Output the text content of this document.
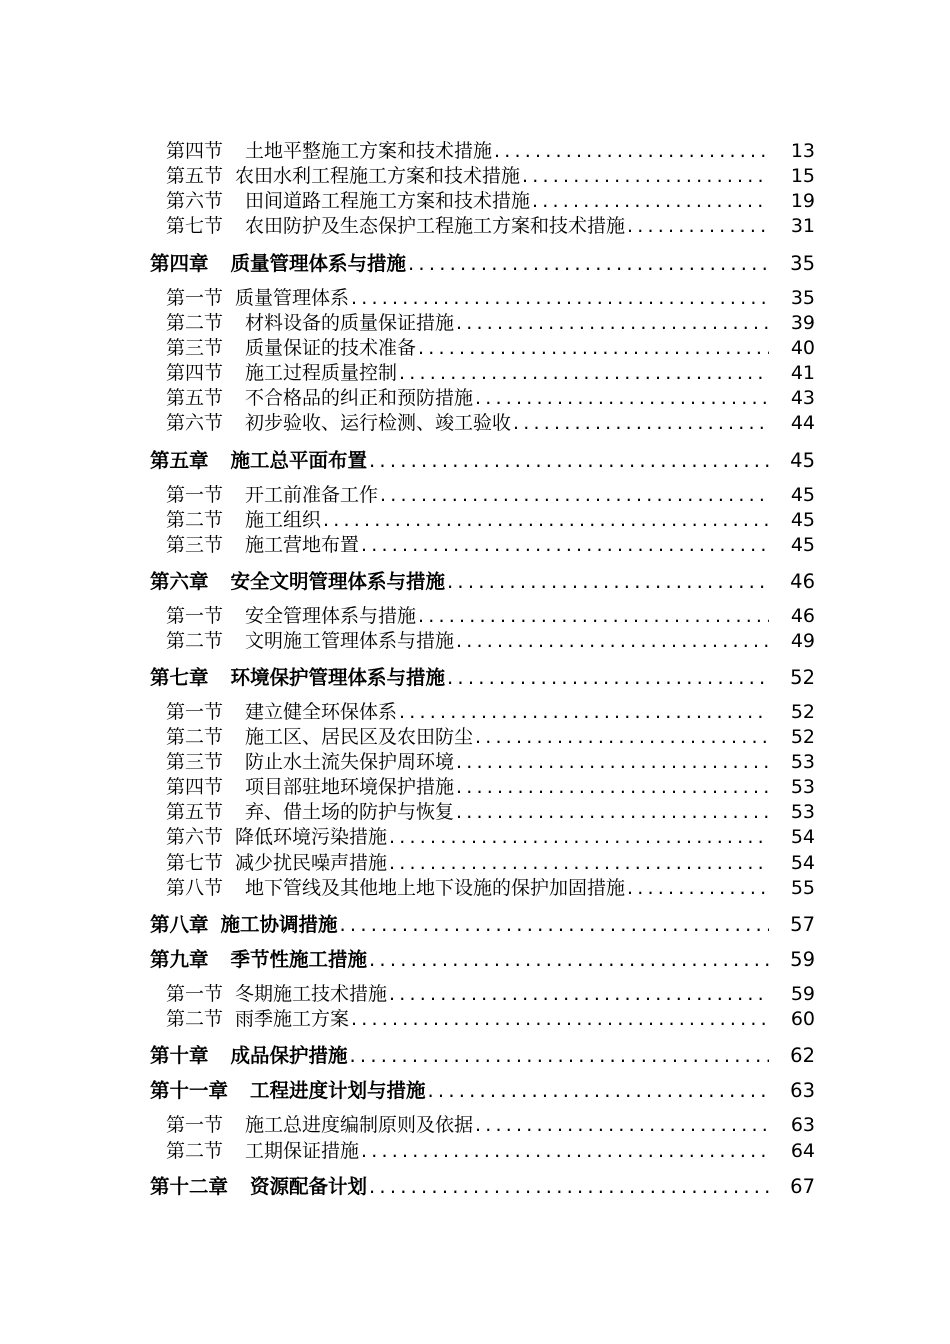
第四节 土地平整施工方案和技术措施 .....	13
第五节 农田水利工程施工方案和技术措施 .....	15
第六节 田间道路工程施工方案和技术措施 .....	19
第七节 农田防护及生态保护工程施工方案和技术措施 .....	31
第四章 质量管理体系与措施 .....	35
第一节 质量管理体系 .....	35
第二节 材料设备的质量保证措施 .....	39
第三节 质量保证的技术准备 .....	40
第四节 施工过程质量控制 .....	41
第五节 不合格品的纠正和预防措施 .....	43
第六节 初步验收、运行检测、竣工验收 .....	44
第五章 施工总平面布置 .....	45
第一节 开工前准备工作 .....	45
第二节 施工组织 .....	45
第三节 施工营地布置 .....	45
第六章 安全文明管理体系与措施 .....	46
第一节 安全管理体系与措施 .....	46
第二节 文明施工管理体系与措施 .....	49
第七章 环境保护管理体系与措施 .....	52
第一节 建立健全环保体系 .....	52
第二节 施工区、居民区及农田防尘 .....	52
第三节 防止水土流失保护周环境 .....	53
第四节 项目部驻地环境保护措施 .....	53
第五节 弃、借土场的防护与恢复 .....	53
第六节 降低环境污染措施 .....	54
第七节 减少扰民噪声措施 .....	54
第八节 地下管线及其他地上地下设施的保护加固措施 .....	55
第八章 施工协调措施 .....	57
第九章 季节性施工措施 .....	59
第一节 冬期施工技术措施 .....	59
第二节 雨季施工方案 .....	60
第十章 成品保护措施 .....	62
第十一章 工程进度计划与措施 .....	63
第一节 施工总进度编制原则及依据 .....	63
第二节 工期保证措施 .....	64
第十二章 资源配备计划 .....	67
